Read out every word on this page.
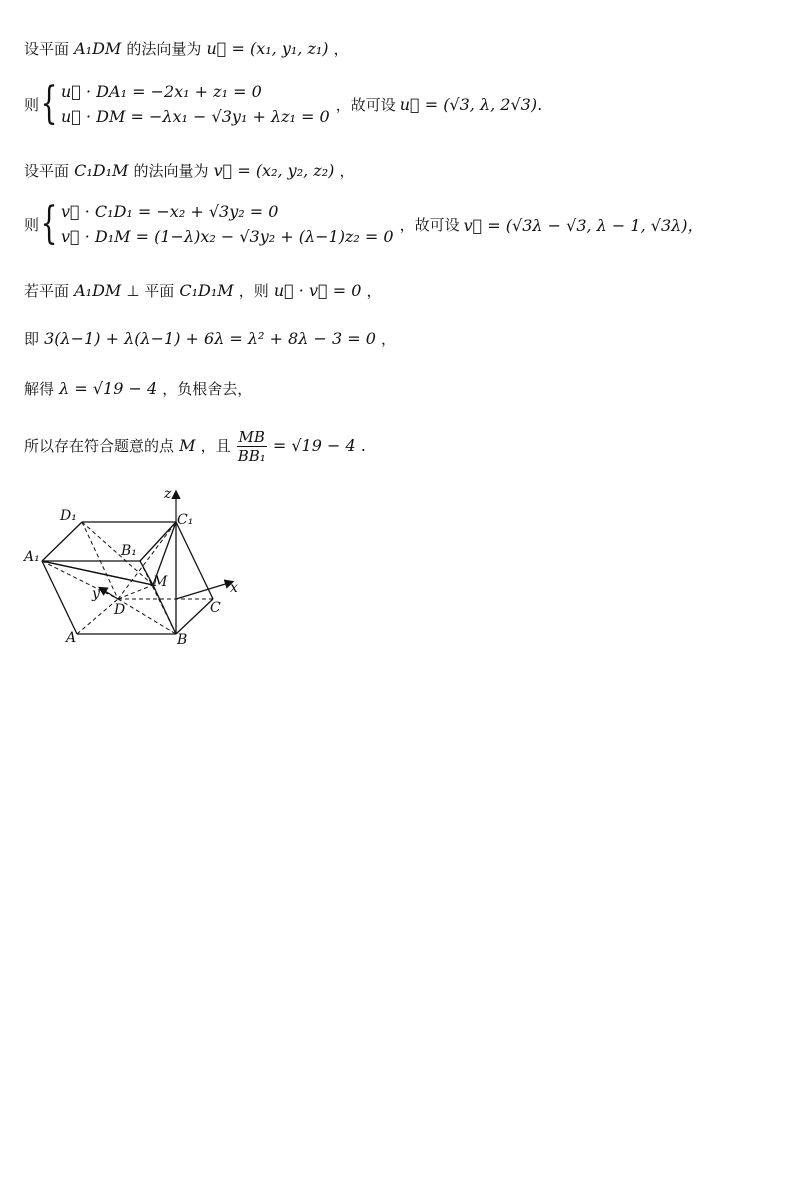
设平面 A₁DM 的法向量为 u⃗ = (x₁, y₁, z₁) ，
则 { u⃗ · DA₁ = −2x₁ + z₁ = 0
u⃗ · DM = −λx₁ − √3y₁ + λz₁ = 0
，故可设 u⃗ = (√3, λ, 2√3).
设平面 C₁D₁M 的法向量为 v⃗ = (x₂, y₂, z₂) ，
则 { v⃗ · C₁D₁ = −x₂ + √3y₂ = 0
v⃗ · D₁M = (1−λ)x₂ − √3y₂ + (λ−1)z₂ = 0
，故可设 v⃗ = (√3λ − √3, λ − 1, √3λ)，
若平面 A₁DM ⊥ 平面 C₁D₁M ，则 u⃗ · v⃗ = 0 ，
即 3(λ−1) + λ(λ−1) + 6λ = λ² + 8λ − 3 = 0 ，
解得 λ = √19 − 4 ，负根舍去，
所以存在符合题意的点 M ，且 $\frac{MB}{\text{BB₁}} = √19 - 4$ .
z
x
y
D₁	C₁
A₁	B₁
M
D	C
A	B
